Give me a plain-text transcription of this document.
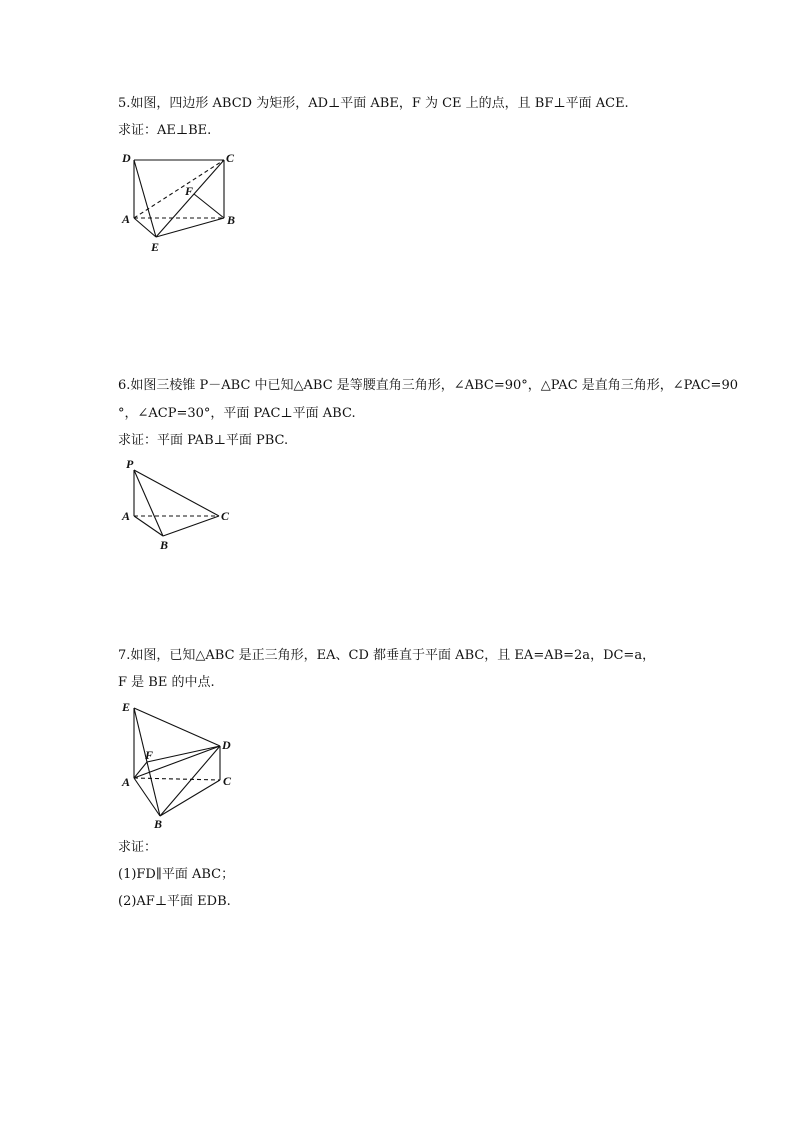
5.如图，四边形 ABCD 为矩形，AD⊥平面 ABE，F 为 CE 上的点，且 BF⊥平面 ACE.
求证：AE⊥BE.
D	C
F
A	B
E
6.如图三棱锥 P－ABC 中已知△ABC 是等腰直角三角形，∠ABC=90°，△PAC 是直角三角形，∠PAC=90
°，∠ACP=30°，平面 PAC⊥平面 ABC.
求证：平面 PAB⊥平面 PBC.
P
A	C
B
7.如图，已知△ABC 是正三角形，EA、CD 都垂直于平面 ABC，且 EA=AB=2a，DC=a，
F 是 BE 的中点.
E
F
D
A	C
B
求证：
(1)FD∥平面 ABC；
(2)AF⊥平面 EDB.
